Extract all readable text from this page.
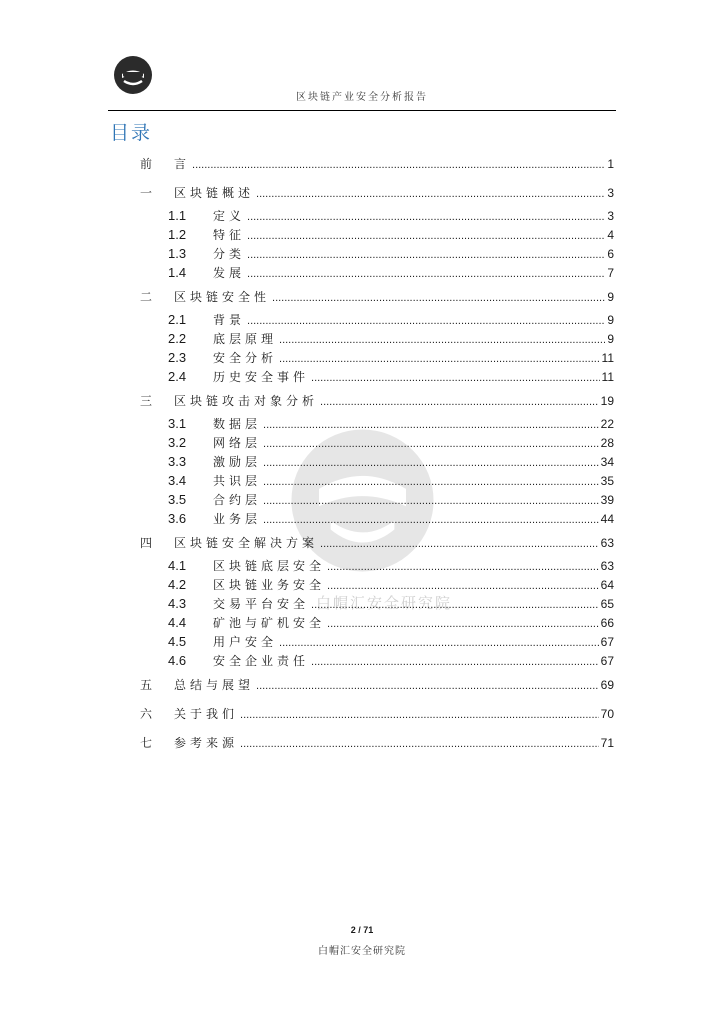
区块链产业安全分析报告
目录
白帽汇安全研究院
前	言 .....	1
一	区块链概述 .....	3
1.1	定义 .....	3
1.2	特征 .....	4
1.3	分类 .....	6
1.4	发展 .....	7
二	区块链安全性 .....	9
2.1	背景 .....	9
2.2	底层原理 .....	9
2.3	安全分析 .....	11
2.4	历史安全事件 .....	11
三	区块链攻击对象分析 .....	19
3.1	数据层 .....	22
3.2	网络层 .....	28
3.3	激励层 .....	34
3.4	共识层 .....	35
3.5	合约层 .....	39
3.6	业务层 .....	44
四	区块链安全解决方案 .....	63
4.1	区块链底层安全 .....	63
4.2	区块链业务安全 .....	64
4.3	交易平台安全 .....	65
4.4	矿池与矿机安全 .....	66
4.5	用户安全 .....	67
4.6	安全企业责任 .....	67
五	总结与展望 .....	69
六	关于我们 .....	70
七	参考来源 .....	71
2 / 71
白帽汇安全研究院
